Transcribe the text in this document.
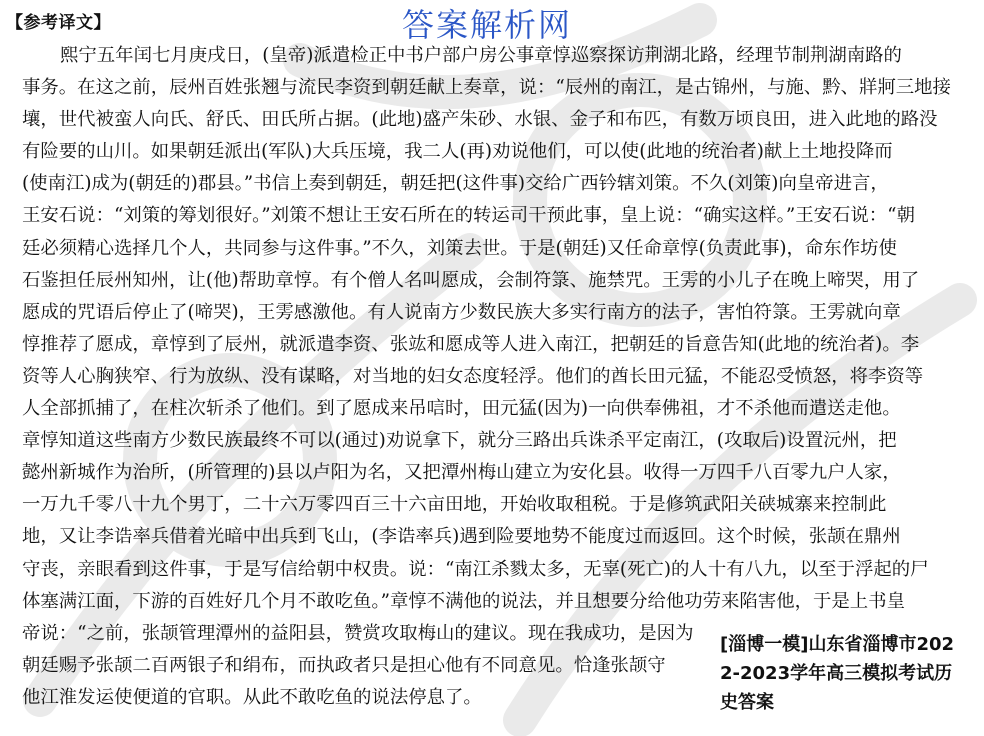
【参考译文】	答案解析网
熙宁五年闰七月庚戌日，(皇帝)派遣检正中书户部户房公事章惇巡察探访荆湖北路，经理节制荆湖南路的
事务。在这之前，辰州百姓张翘与流民李资到朝廷献上奏章，说：“辰州的南江，是古锦州，与施、黔、牂牁三地接
壤，世代被蛮人向氏、舒氏、田氏所占据。(此地)盛产朱砂、水银、金子和布匹，有数万顷良田，进入此地的路没
有险要的山川。如果朝廷派出(军队)大兵压境，我二人(再)劝说他们，可以使(此地的统治者)献上土地投降而
(使南江)成为(朝廷的)郡县。”书信上奏到朝廷，朝廷把(这件事)交给广西钤辖刘策。不久(刘策)向皇帝进言，
王安石说：“刘策的筹划很好。”刘策不想让王安石所在的转运司干预此事，皇上说：“确实这样。”王安石说：“朝
廷必须精心选择几个人，共同参与这件事。”不久，刘策去世。于是(朝廷)又任命章惇(负责此事)，命东作坊使
石鉴担任辰州知州，让(他)帮助章惇。有个僧人名叫愿成，会制符箓、施禁咒。王雱的小儿子在晚上啼哭，用了
愿成的咒语后停止了(啼哭)，王雱感激他。有人说南方少数民族大多实行南方的法子，害怕符箓。王雱就向章
惇推荐了愿成，章惇到了辰州，就派遣李资、张竑和愿成等人进入南江，把朝廷的旨意告知(此地的统治者)。李
资等人心胸狭窄、行为放纵、没有谋略，对当地的妇女态度轻浮。他们的酋长田元猛，不能忍受愤怒，将李资等
人全部抓捕了，在柱次斩杀了他们。到了愿成来吊唁时，田元猛(因为)一向供奉佛祖，才不杀他而遣送走他。
章惇知道这些南方少数民族最终不可以(通过)劝说拿下，就分三路出兵诛杀平定南江，(攻取后)设置沅州，把
懿州新城作为治所，(所管理的)县以卢阳为名，又把潭州梅山建立为安化县。收得一万四千八百零九户人家，
一万九千零八十九个男丁，二十六万零四百三十六亩田地，开始收取租税。于是修筑武阳关硖城寨来控制此
地，又让李诰率兵借着光暗中出兵到飞山，(李诰率兵)遇到险要地势不能度过而返回。这个时候，张颉在鼎州
守丧，亲眼看到这件事，于是写信给朝中权贵。说：“南江杀戮太多，无辜(死亡)的人十有八九，以至于浮起的尸
体塞满江面，下游的百姓好几个月不敢吃鱼。”章惇不满他的说法，并且想要分给他功劳来陷害他，于是上书皇
帝说：“之前，张颉管理潭州的益阳县，赞赏攻取梅山的建议。现在我成功，是因为
朝廷赐予张颉二百两银子和绢布，而执政者只是担心他有不同意见。恰逢张颉守
他江淮发运使便道的官职。从此不敢吃鱼的说法停息了。
[淄博一模]山东省淄博市202
2-2023学年高三模拟考试历
史答案
